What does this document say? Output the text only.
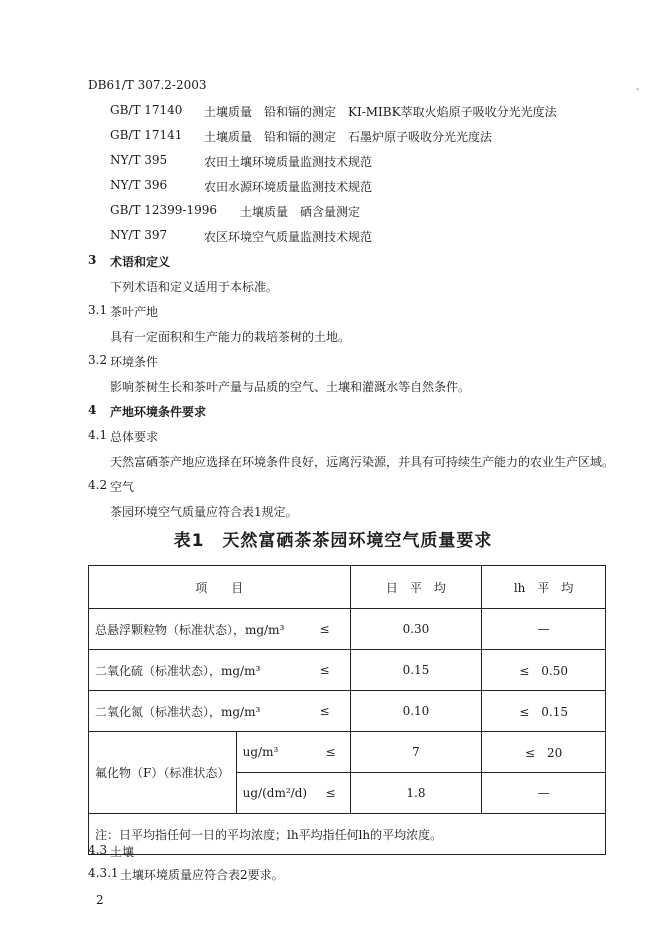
DB61/T 307.2-2003	-
GB/T 17140 土壤质量　铅和镉的测定　KI-MIBK萃取火焰原子吸收分光光度法
GB/T 17141 土壤质量　铅和镉的测定　石墨炉原子吸收分光光度法
NY/T 395	农田土壤环境质量监测技术规范
NY/T 396	农田水源环境质量监测技术规范
GB/T 12399-1996 土壤质量　硒含量测定
NY/T 397	农区环境空气质量监测技术规范
3 术语和定义
下列术语和定义适用于本标准。
3.1 茶叶产地
具有一定面积和生产能力的栽培茶树的土地。
3.2 环境条件
影响茶树生长和茶叶产量与品质的空气、土壤和灌溉水等自然条件。
4 产地环境条件要求
4.1 总体要求
天然富硒茶产地应选择在环境条件良好，远离污染源，并具有可持续生产能力的农业生产区域。
4.2 空气
茶园环境空气质量应符合表1规定。
表1　天然富硒茶茶园环境空气质量要求
项　　目		日　平　均	lh　平　均

总悬浮颗粒物（标准状态），mg/m³ ≤		0.30	—

二氧化硫（标准状态），mg/m³ ≤		0.15	≤　0.50

二氧化氮（标准状态），mg/m³ ≤		0.10	≤　0.15
氟化物（F）（标准状态）	ug/m³ ≤	7	≤　20

	ug/(dm²/d) ≤	1.8	—
注：日平均指任何一日的平均浓度；lh平均指任何lh的平均浓度。			
4.3 土壤
4.3.1 土壤环境质量应符合表2要求。
2
